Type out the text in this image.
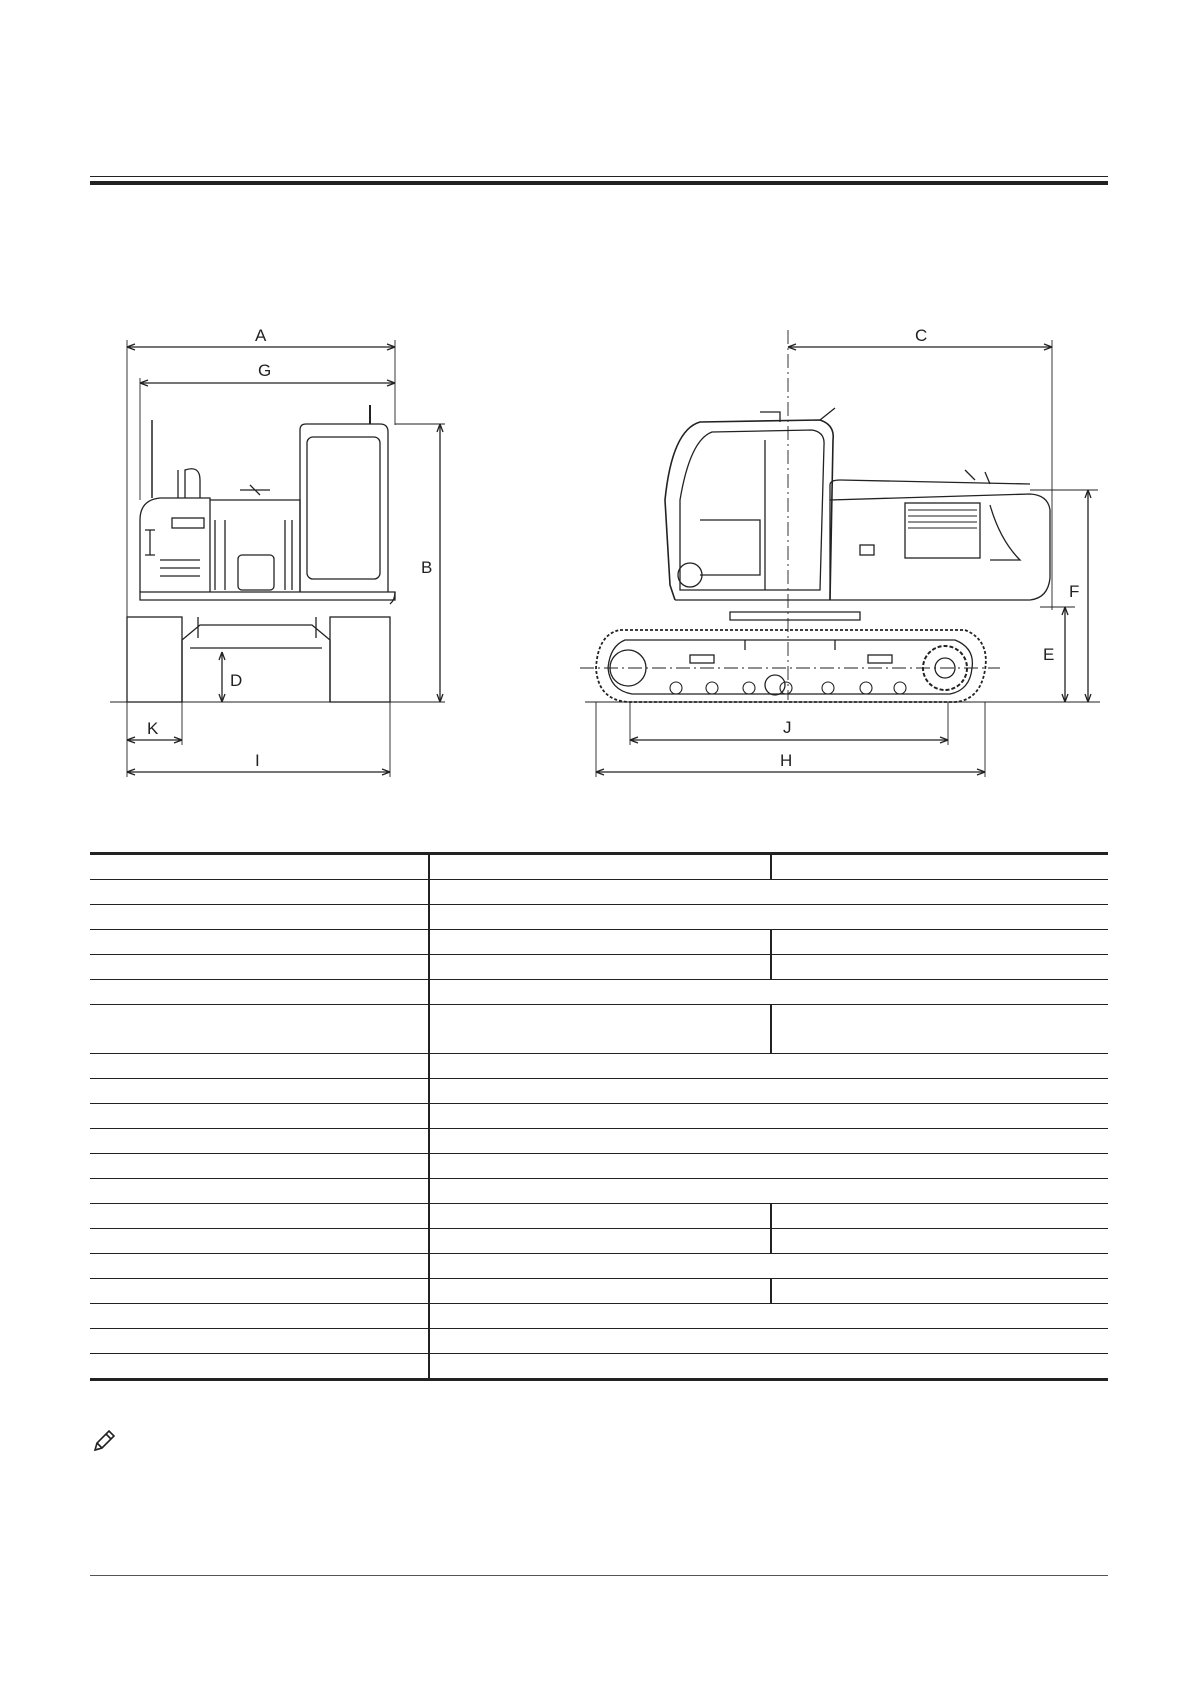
A
G
B
D
K
I
C
F
E
J
H
